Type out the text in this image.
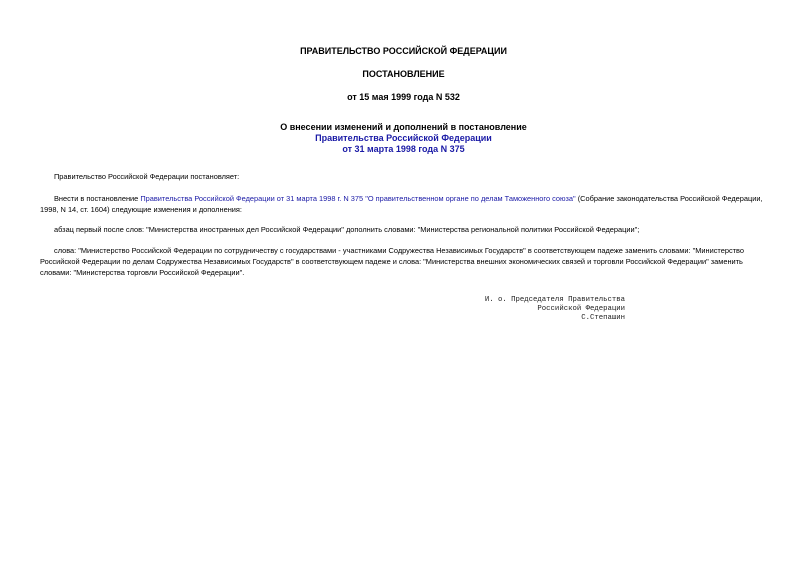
ПРАВИТЕЛЬСТВО РОССИЙСКОЙ ФЕДЕРАЦИИ
ПОСТАНОВЛЕНИЕ
от 15 мая 1999 года N 532
О внесении изменений и дополнений в постановление
Правительства Российской Федерации
от 31 марта 1998 года N 375

Правительство Российской Федерации постановляет:

Внести в постановление Правительства Российской Федерации от 31 марта 1998 г. N 375 "О правительственном органе по делам Таможенного союза" (Собрание законодательства Российской Федерации, 1998, N 14, ст. 1604) следующие изменения и дополнения:

абзац первый после слов: "Министерства иностранных дел Российской Федерации" дополнить словами: "Министерства региональной политики Российской Федерации";

слова: "Министерство Российской Федерации по сотрудничеству с государствами - участниками Содружества Независимых Государств" в соответствующем падеже заменить словами: "Министерство Российской Федерации по делам Содружества Независимых Государств" в соответствующем падеже и слова: "Министерства внешних экономических связей и торговли Российской Федерации" заменить словами: "Министерства торговли Российской Федерации".

И. о. Председателя Правительства
Российской Федерации
С.Степашин
